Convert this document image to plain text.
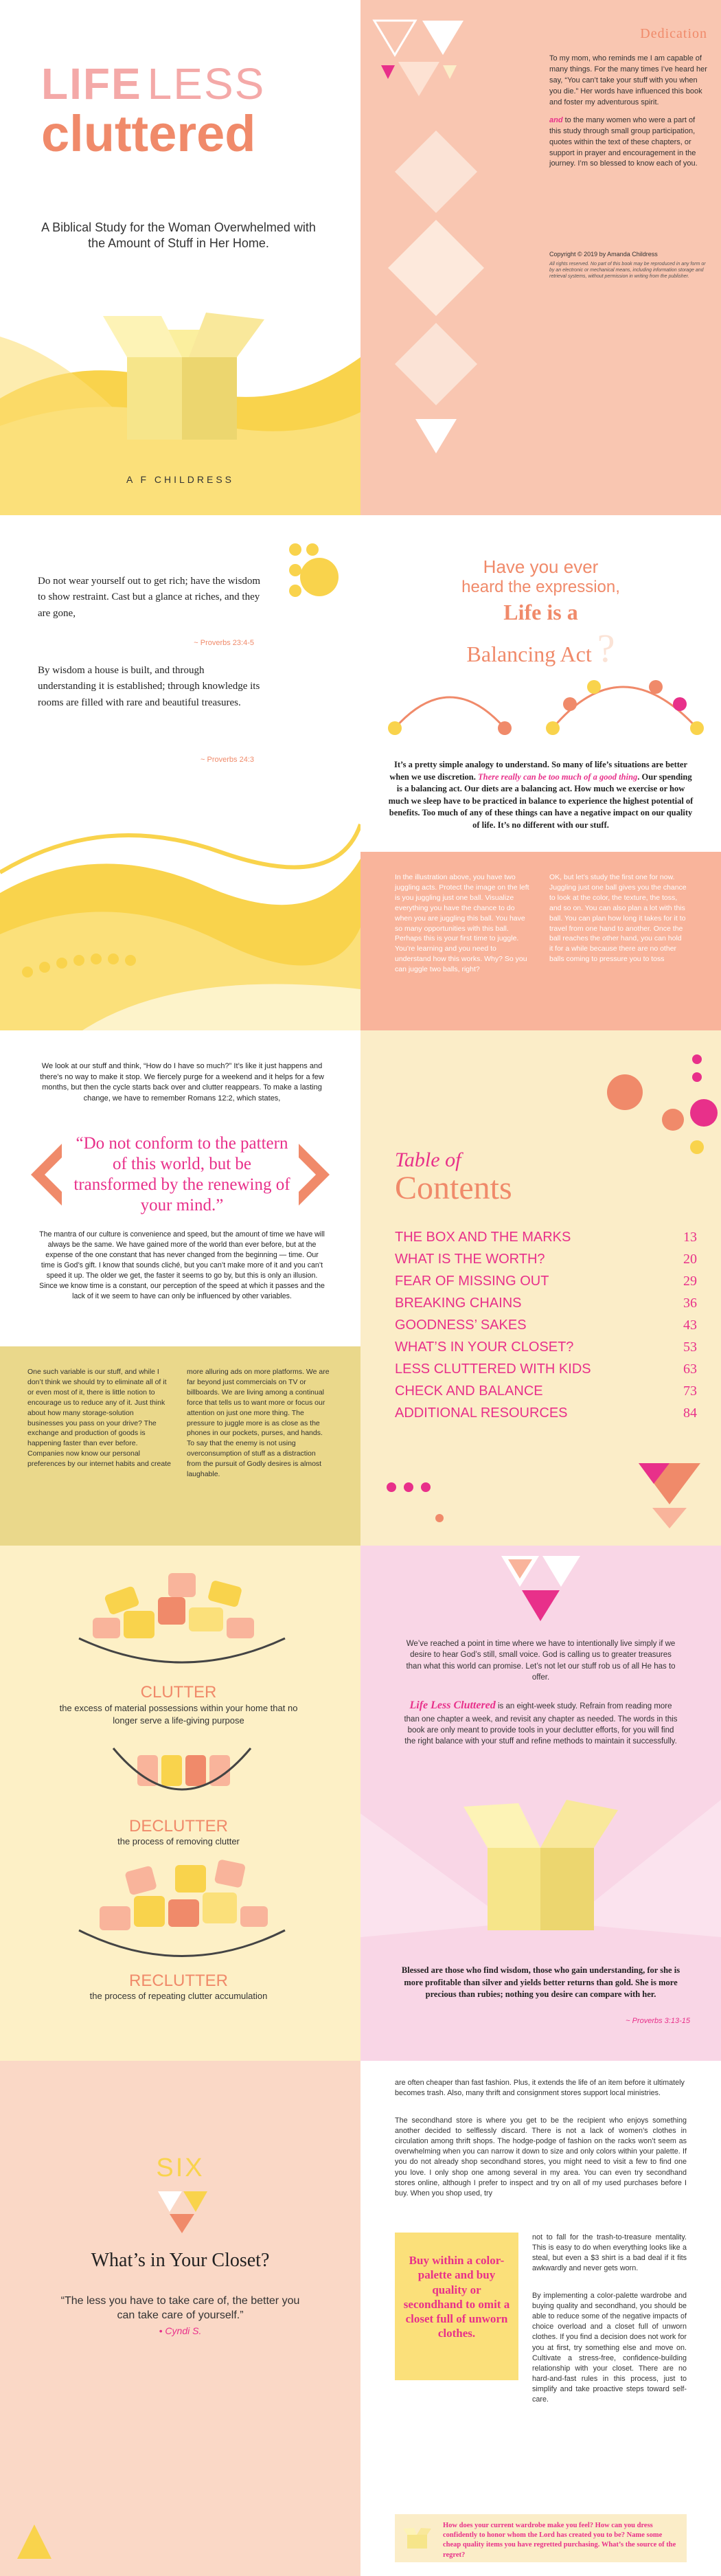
LIFE LESS
cluttered
A Biblical Study for the Woman Overwhelmed with the Amount of Stuff in Her Home.
A F CHILDRESS
Dedication

To my mom, who reminds me I am capable of many things. For the many times I’ve heard her say, “You can’t take your stuff with you when you die.” Her words have influenced this book and foster my adventurous spirit.

and to the many women who were a part of this study through small group participation, quotes within the text of these chapters, or support in prayer and encouragement in the journey. I’m so blessed to know each of you.

Copyright © 2019 by Amanda Childress
All rights reserved. No part of this book may be reproduced in any form or by an electronic or mechanical means, including information storage and retrieval systems, without permission in writing from the publisher.
Do not wear yourself out to get rich; have the wisdom to show restraint. Cast but a glance at riches, and they are gone,
~ Proverbs 23:4-5
By wisdom a house is built, and through understanding it is established; through knowledge its rooms are filled with rare and beautiful treasures.
~ Proverbs 24:3
Have you ever
heard the expression,
Life is a
Balancing Act ?
It’s a pretty simple analogy to understand. So many of life’s situations are better when we use discretion. There really can be too much of a good thing. Our spending is a balancing act. Our diets are a balancing act. How much we exercise or how much we sleep have to be practiced in balance to experience the highest potential of benefits. Too much of any of these things can have a negative impact on our quality of life. It’s no different with our stuff.
In the illustration above, you have two juggling acts. Protect the image on the left is you juggling just one ball. Visualize everything you have the chance to do when you are juggling this ball. You have so many opportunities with this ball. Perhaps this is your first time to juggle. You’re learning and you need to understand how this works. Why? So you can juggle two balls, right?
OK, but let’s study the first one for now. Juggling just one ball gives you the chance to look at the color, the texture, the toss, and so on. You can also plan a lot with this ball. You can plan how long it takes for it to travel from one hand to another. Once the ball reaches the other hand, you can hold it for a while because there are no other balls coming to pressure you to toss
We look at our stuff and think, “How do I have so much?” It’s like it just happens and there’s no way to make it stop. We fiercely purge for a weekend and it helps for a few months, but then the cycle starts back over and clutter reappears. To make a lasting change, we have to remember Romans 12:2, which states,
“Do not conform to the pattern of this world, but be transformed by the renewing of your mind.”
The mantra of our culture is convenience and speed, but the amount of time we have will always be the same. We have gained more of the world than ever before, but at the expense of the one constant that has never changed from the beginning — time. Our time is God’s gift. I know that sounds cliché, but you can’t make more of it and you can’t speed it up. The older we get, the faster it seems to go by, but this is only an illusion. Since we know time is a constant, our perception of the speed at which it passes and the lack of it we seem to have can only be influenced by other variables.
One such variable is our stuff, and while I don’t think we should try to eliminate all of it or even most of it, there is little notion to encourage us to reduce any of it. Just think about how many storage-solution businesses you pass on your drive? The exchange and production of goods is happening faster than ever before. Companies now know our personal preferences by our internet habits and create
more alluring ads on more platforms. We are far beyond just commercials on TV or billboards. We are living among a continual force that tells us to want more or focus our attention on just one more thing. The pressure to juggle more is as close as the phones in our pockets, purses, and hands. To say that the enemy is not using overconsumption of stuff as a distraction from the pursuit of Godly desires is almost laughable.
Table of
Contents
THE BOX AND THE MARKS	13
WHAT IS THE WORTH?	20
FEAR OF MISSING OUT	29
BREAKING CHAINS	36
GOODNESS’ SAKES	43
WHAT’S IN YOUR CLOSET?	53
LESS CLUTTERED WITH KIDS	63
CHECK AND BALANCE	73
ADDITIONAL RESOURCES	84
CLUTTER
the excess of material possessions within your home that no longer serve a life-giving purpose
DECLUTTER
the process of removing clutter
RECLUTTER
the process of repeating clutter accumulation
We’ve reached a point in time where we have to intentionally live simply if we desire to hear God’s still, small voice. God is calling us to greater treasures than what this world can promise. Let’s not let our stuff rob us of all He has to offer.
Life Less Cluttered is an eight-week study. Refrain from reading more than one chapter a week, and revisit any chapter as needed. The words in this book are only meant to provide tools in your declutter efforts, for you will find the right balance with your stuff and refine methods to maintain it successfully.
Blessed are those who find wisdom, those who gain understanding, for she is more profitable than silver and yields better returns than gold. She is more precious than rubies; nothing you desire can compare with her.
~ Proverbs 3:13-15
SIX
What’s in Your Closet?
“The less you have to take care of, the better you can take care of yourself.”
• Cyndi S.
are often cheaper than fast fashion. Plus, it extends the life of an item before it ultimately becomes trash. Also, many thrift and consignment stores support local ministries.
The secondhand store is where you get to be the recipient who enjoys something another decided to selflessly discard. There is not a lack of women’s clothes in circulation among thrift shops. The hodge-podge of fashion on the racks won’t seem as overwhelming when you can narrow it down to size and only colors within your palette. If you do not already shop secondhand stores, you might need to visit a few to find one you love. I only shop one among several in my area. You can even try secondhand stores online, although I prefer to inspect and try on all of my used purchases before I buy. When you shop used, try
not to fall for the trash-to-treasure mentality. This is easy to do when everything looks like a steal, but even a $3 shirt is a bad deal if it fits awkwardly and never gets worn.
Buy within a color-palette and buy quality or secondhand to omit a closet full of unworn clothes.
By implementing a color-palette wardrobe and buying quality and secondhand, you should be able to reduce some of the negative impacts of choice overload and a closet full of unworn clothes. If you find a decision does not work for you at first, try something else and move on. Cultivate a stress-free, confidence-building relationship with your closet. There are no hard-and-fast rules in this process, just to simplify and take proactive steps toward self-care.
How does your current wardrobe make you feel? How can you dress confidently to honor whom the Lord has created you to be? Name some cheap quality items you have regretted purchasing. What’s the source of the regret?
